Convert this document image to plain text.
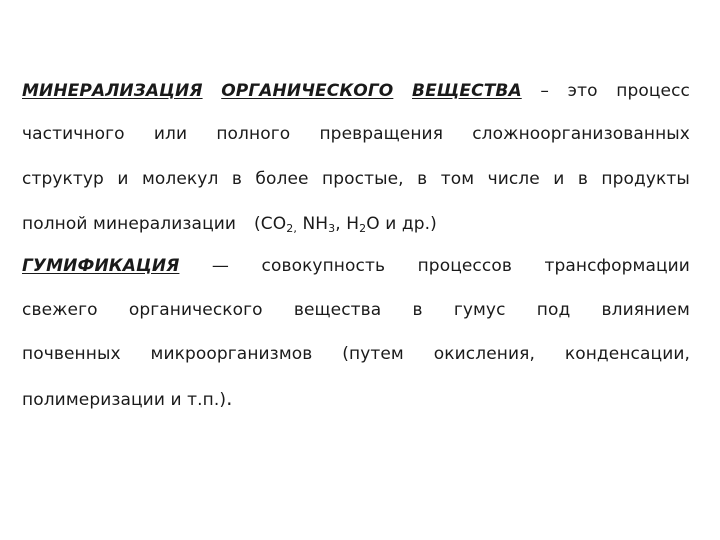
МИНЕРАЛИЗАЦИЯ ОРГАНИЧЕСКОГО ВЕЩЕСТВА – это процесс
частичного или полного превращения сложноорганизованных
структур и молекул в более простые, в том числе и в продукты
полной минерализации ($СО_{2,}$ $NH_3$, $H_2O$ и др.)
ГУМИФИКАЦИЯ — совокупность процессов трансформации
свежего органического вещества в гумус под влиянием
почвенных микроорганизмов (путем окисления, конденсации,
полимеризации и т.п.).
